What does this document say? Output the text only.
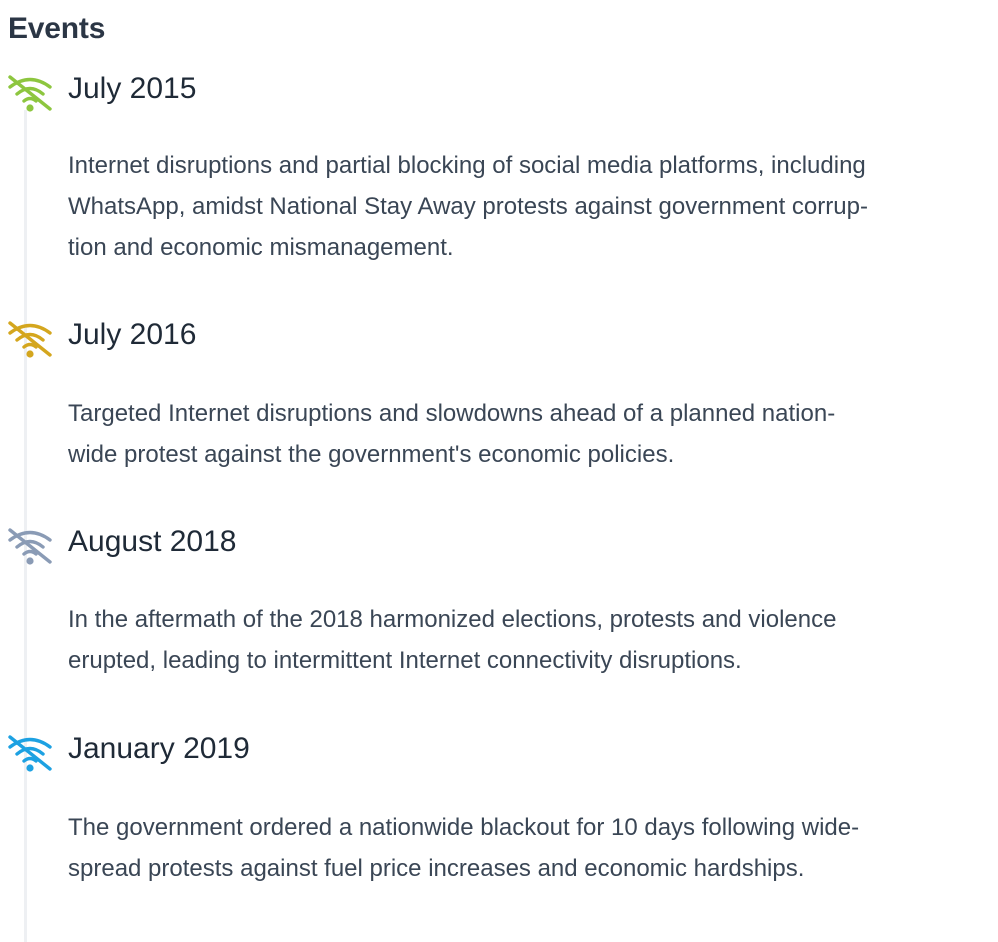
Events
July 2015
Internet disruptions and partial blocking of social media platforms, including
WhatsApp, amidst National Stay Away protests against government corrup-
tion and economic mismanagement.
July 2016
Targeted Internet disruptions and slowdowns ahead of a planned nation-
wide protest against the government's economic policies.
August 2018
In the aftermath of the 2018 harmonized elections, protests and violence
erupted, leading to intermittent Internet connectivity disruptions.
January 2019
The government ordered a nationwide blackout for 10 days following wide-
spread protests against fuel price increases and economic hardships.
